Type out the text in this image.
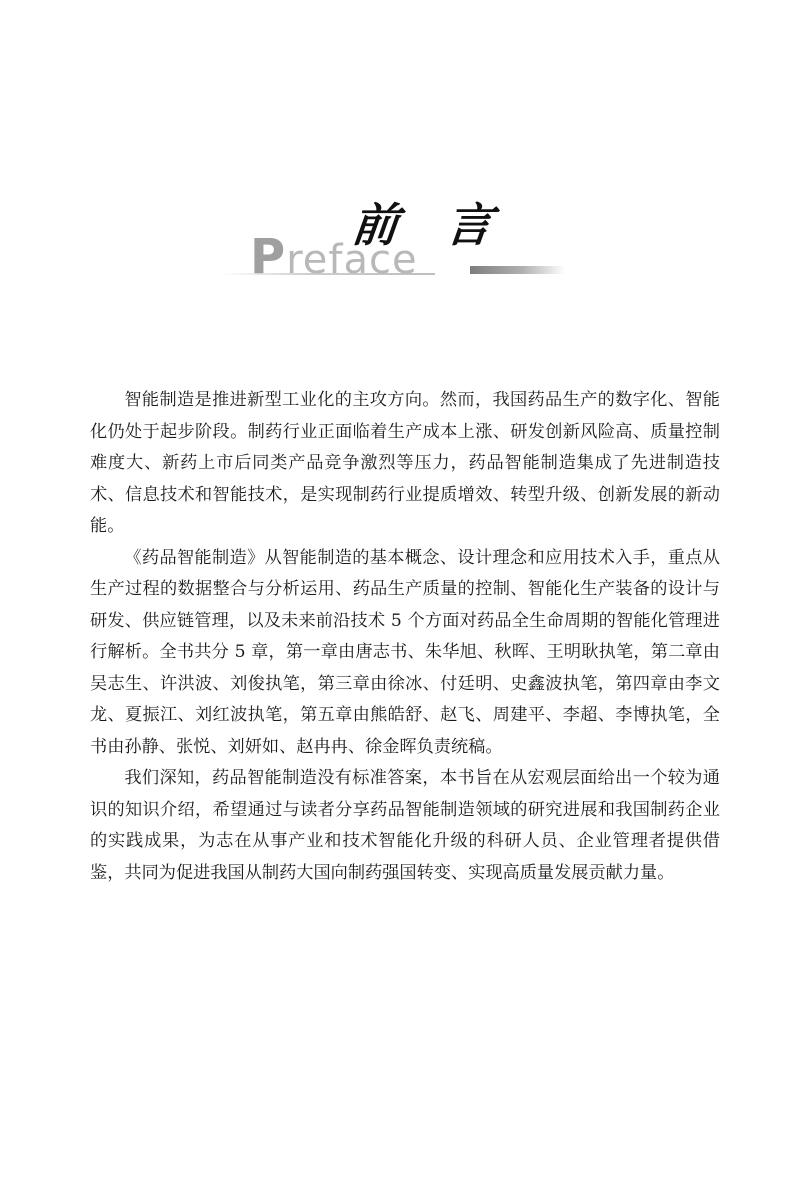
Preface
前 言

智能制造是推进新型工业化的主攻方向。然而，我国药品生产的数字化、智能化仍处于起步阶段。制药行业正面临着生产成本上涨、研发创新风险高、质量控制难度大、新药上市后同类产品竞争激烈等压力，药品智能制造集成了先进制造技术、信息技术和智能技术，是实现制药行业提质增效、转型升级、创新发展的新动能。

《药品智能制造》从智能制造的基本概念、设计理念和应用技术入手，重点从生产过程的数据整合与分析运用、药品生产质量的控制、智能化生产装备的设计与研发、供应链管理，以及未来前沿技术 5 个方面对药品全生命周期的智能化管理进行解析。全书共分 5 章，第一章由唐志书、朱华旭、秋晖、王明耿执笔，第二章由吴志生、许洪波、刘俊执笔，第三章由徐冰、付廷明、史鑫波执笔，第四章由李文龙、夏振江、刘红波执笔，第五章由熊皓舒、赵飞、周建平、李超、李博执笔，全书由孙静、张悦、刘妍如、赵冉冉、徐金晖负责统稿。

我们深知，药品智能制造没有标准答案，本书旨在从宏观层面给出一个较为通识的知识介绍，希望通过与读者分享药品智能制造领域的研究进展和我国制药企业的实践成果，为志在从事产业和技术智能化升级的科研人员、企业管理者提供借鉴，共同为促进我国从制药大国向制药强国转变、实现高质量发展贡献力量。
